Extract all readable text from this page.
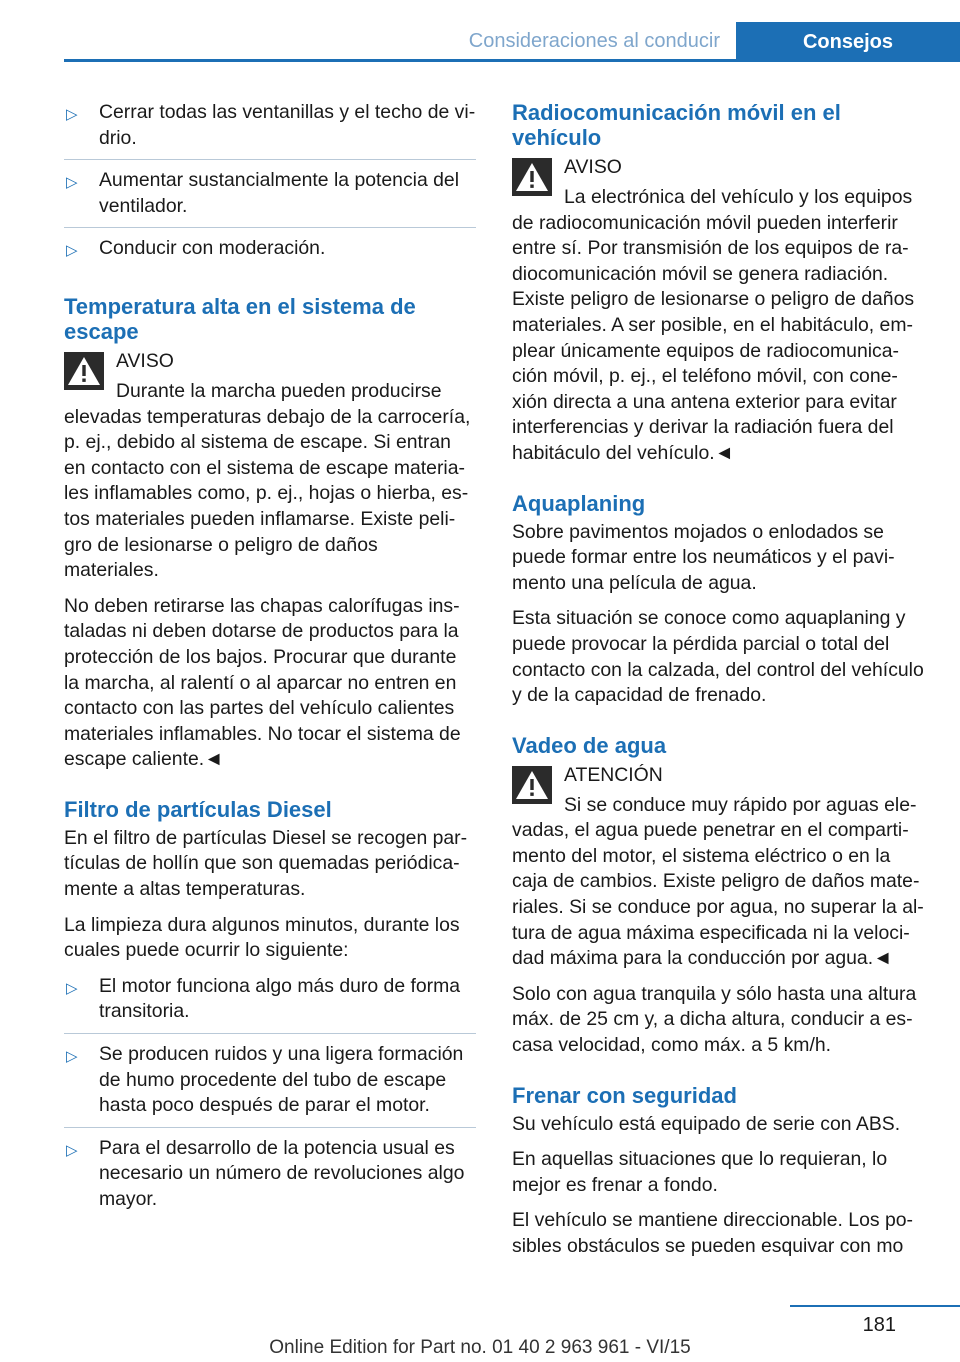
Consideraciones al conducir	Consejos
▷ Cerrar todas las ventanillas y el techo de vidrio.
▷ Aumentar sustancialmente la potencia del ventilador.
▷ Conducir con moderación.
Temperatura alta en el sistema de escape
AVISO

Durante la marcha pueden producirse elevadas temperaturas debajo de la carrocería, p. ej., debido al sistema de escape. Si entran en contacto con el sistema de escape materiales inflamables como, p. ej., hojas o hierba, estos materiales pueden inflamarse. Existe peligro de lesionarse o peligro de daños materiales.

No deben retirarse las chapas calorífugas instaladas ni deben dotarse de productos para la protección de los bajos. Procurar que durante la marcha, al ralentí o al aparcar no entren en contacto con las partes del vehículo calientes materiales inflamables. No tocar el sistema de escape caliente.◄

Filtro de partículas Diesel

En el filtro de partículas Diesel se recogen partículas de hollín que son quemadas periódicamente a altas temperaturas.

La limpieza dura algunos minutos, durante los cuales puede ocurrir lo siguiente:

▷ El motor funciona algo más duro de forma transitoria.
▷ Se producen ruidos y una ligera formación de humo procedente del tubo de escape hasta poco después de parar el motor.
▷ Para el desarrollo de la potencia usual es necesario un número de revoluciones algo mayor.
Radiocomunicación móvil en el vehículo
AVISO

La electrónica del vehículo y los equipos de radiocomunicación móvil pueden interferir entre sí. Por transmisión de los equipos de radiocomunicación móvil se genera radiación. Existe peligro de lesionarse o peligro de daños materiales. A ser posible, en el habitáculo, emplear únicamente equipos de radiocomunicación móvil, p. ej., el teléfono móvil, con conexión directa a una antena exterior para evitar interferencias y derivar la radiación fuera del habitáculo del vehículo.◄

Aquaplaning

Sobre pavimentos mojados o enlodados se puede formar entre los neumáticos y el pavimento una película de agua.

Esta situación se conoce como aquaplaning y puede provocar la pérdida parcial o total del contacto con la calzada, del control del vehículo y de la capacidad de frenado.

Vadeo de agua
ATENCIÓN

Si se conduce muy rápido por aguas elevadas, el agua puede penetrar en el compartimento del motor, el sistema eléctrico o en la caja de cambios. Existe peligro de daños materiales. Si se conduce por agua, no superar la altura de agua máxima especificada ni la velocidad máxima para la conducción por agua.◄

Solo con agua tranquila y sólo hasta una altura máx. de 25 cm y, a dicha altura, conducir a escasa velocidad, como máx. a 5 km/h.

Frenar con seguridad

Su vehículo está equipado de serie con ABS.

En aquellas situaciones que lo requieran, lo mejor es frenar a fondo.

El vehículo se mantiene direccionable. Los posibles obstáculos se pueden esquivar con mo

181
Online Edition for Part no. 01 40 2 963 961 - VI/15
